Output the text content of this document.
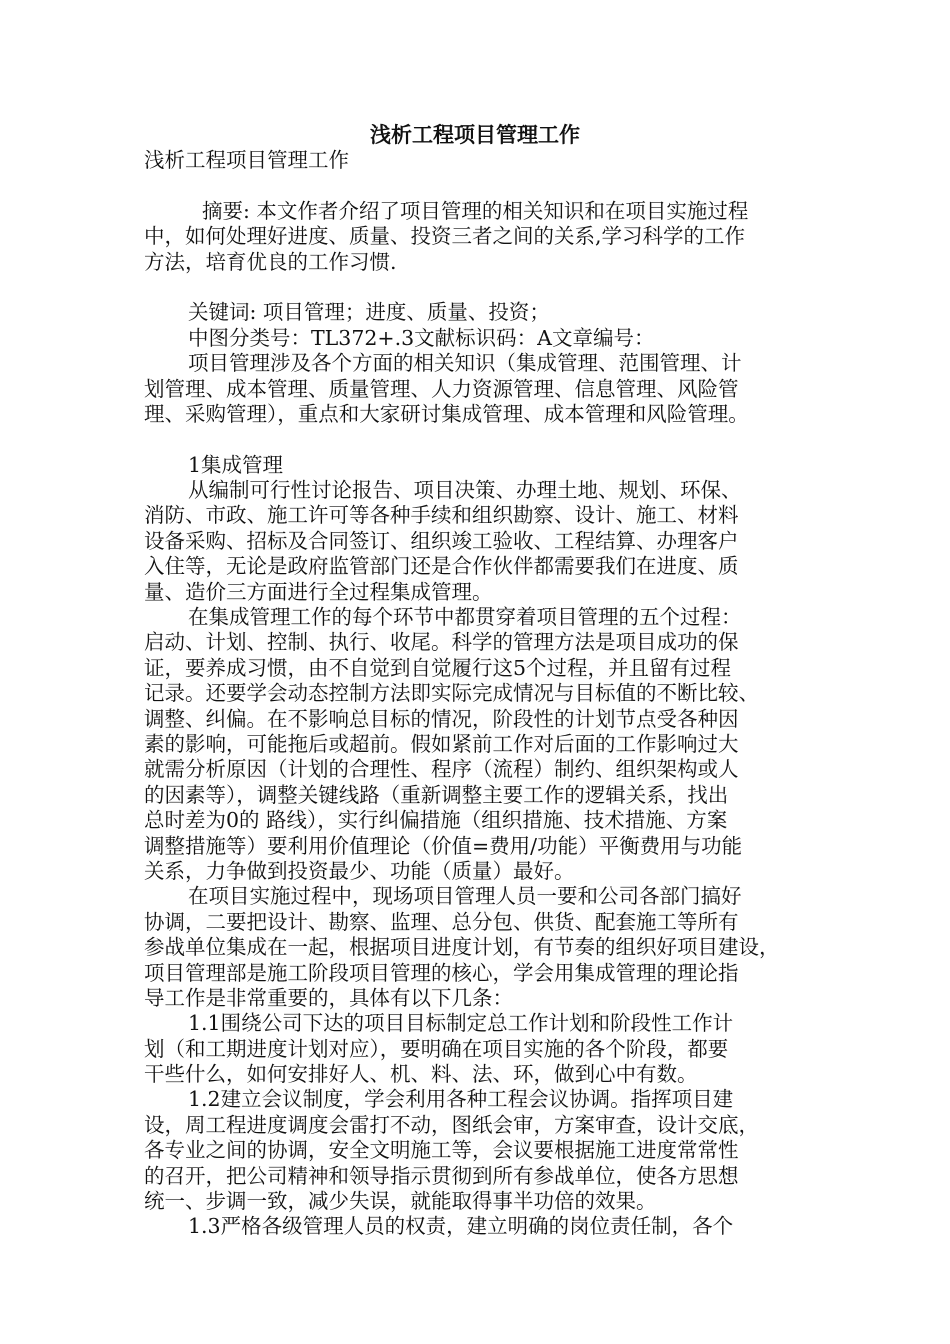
浅析工程项目管理工作
浅析工程项目管理工作
摘要: 本文作者介绍了项目管理的相关知识和在项目实施过程
中，如何处理好进度、质量、投资三者之间的关系,学习科学的工作
方法，培育优良的工作习惯.
关键词: 项目管理；进度、质量、投资；
中图分类号：TL372+.3文献标识码：A文章编号：
项目管理涉及各个方面的相关知识（集成管理、范围管理、计
划管理、成本管理、质量管理、人力资源管理、信息管理、风险管
理、采购管理），重点和大家研讨集成管理、成本管理和风险管理。
1集成管理
从编制可行性讨论报告、项目决策、办理土地、规划、环保、
消防、市政、施工许可等各种手续和组织勘察、设计、施工、材料
设备采购、招标及合同签订、组织竣工验收、工程结算、办理客户
入住等，无论是政府监管部门还是合作伙伴都需要我们在进度、质
量、造价三方面进行全过程集成管理。
在集成管理工作的每个环节中都贯穿着项目管理的五个过程：
启动、计划、控制、执行、收尾。科学的管理方法是项目成功的保
证，要养成习惯，由不自觉到自觉履行这5个过程，并且留有过程
记录。还要学会动态控制方法即实际完成情况与目标值的不断比较、
调整、纠偏。在不影响总目标的情况，阶段性的计划节点受各种因
素的影响，可能拖后或超前。假如紧前工作对后面的工作影响过大
就需分析原因（计划的合理性、程序（流程）制约、组织架构或人
的因素等），调整关键线路（重新调整主要工作的逻辑关系，找出
总时差为0的 路线），实行纠偏措施（组织措施、技术措施、方案
调整措施等）要利用价值理论（价值=费用/功能）平衡费用与功能
关系，力争做到投资最少、功能（质量）最好。
在项目实施过程中，现场项目管理人员一要和公司各部门搞好
协调，二要把设计、勘察、监理、总分包、供货、配套施工等所有
参战单位集成在一起，根据项目进度计划，有节奏的组织好项目建设，
项目管理部是施工阶段项目管理的核心，学会用集成管理的理论指
导工作是非常重要的，具体有以下几条：
1.1围绕公司下达的项目目标制定总工作计划和阶段性工作计
划（和工期进度计划对应），要明确在项目实施的各个阶段，都要
干些什么，如何安排好人、机、料、法、环，做到心中有数。
1.2建立会议制度，学会利用各种工程会议协调。指挥项目建
设，周工程进度调度会雷打不动，图纸会审，方案审查，设计交底，
各专业之间的协调，安全文明施工等，会议要根据施工进度常常性
的召开，把公司精神和领导指示贯彻到所有参战单位，使各方思想
统一、步调一致，减少失误，就能取得事半功倍的效果。
1.3严格各级管理人员的权责，建立明确的岗位责任制，各个
